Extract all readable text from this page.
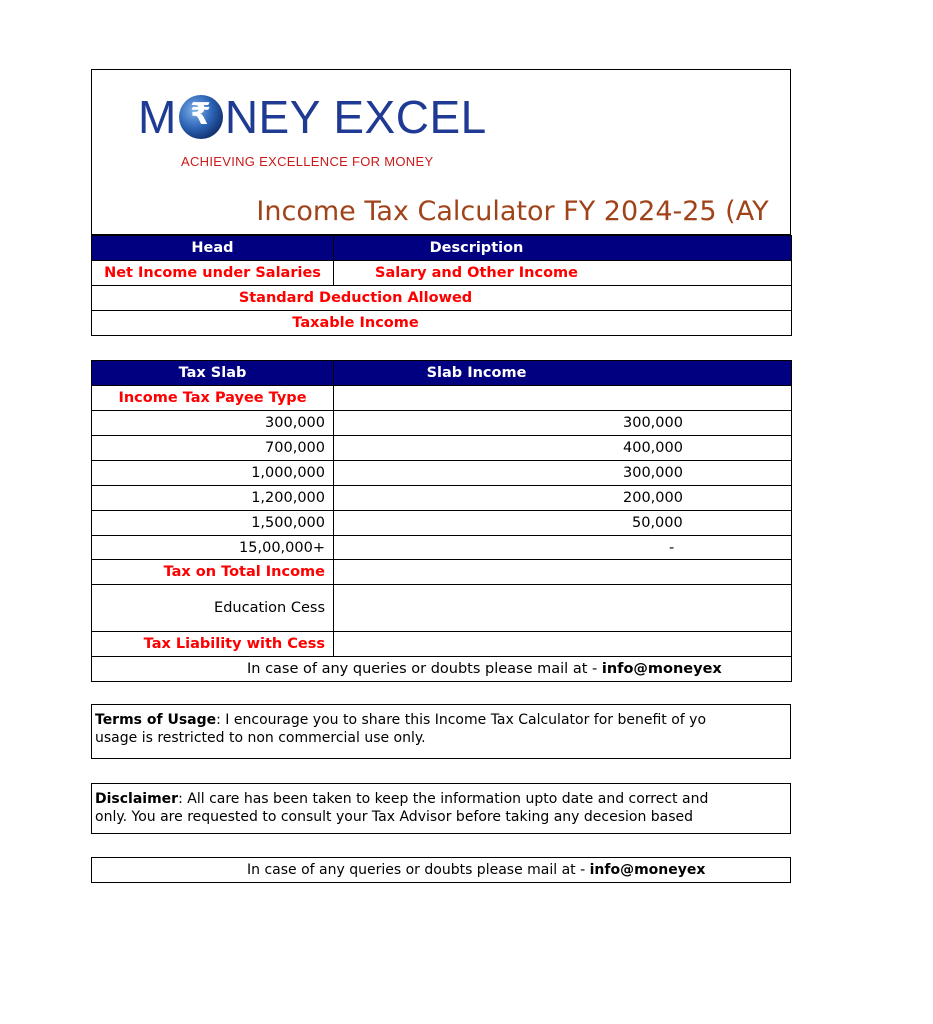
M ₹ NEY EXCEL
ACHIEVING EXCELLENCE FOR MONEY
Income Tax Calculator FY 2024-25 (AY
Head	Description
Net Income under Salaries	Salary and Other Income
Standard Deduction Allowed	
Taxable Income	
Tax Slab	Slab Income
Income Tax Payee Type	
300,000	300,000
700,000	400,000
1,000,000	300,000
1,200,000	200,000
1,500,000	50,000
15,00,000+	-
Tax on Total Income	
Education Cess	
Tax Liability with Cess	
In case of any queries or doubts please mail at - info@moneyex	
Terms of Usage: I encourage you to share this Income Tax Calculator for benefit of yo
usage is restricted to non commercial use only.
Disclaimer: All care has been taken to keep the information upto date and correct and
only. You are requested to consult your Tax Advisor before taking any decesion based
In case of any queries or doubts please mail at - info@moneyex
